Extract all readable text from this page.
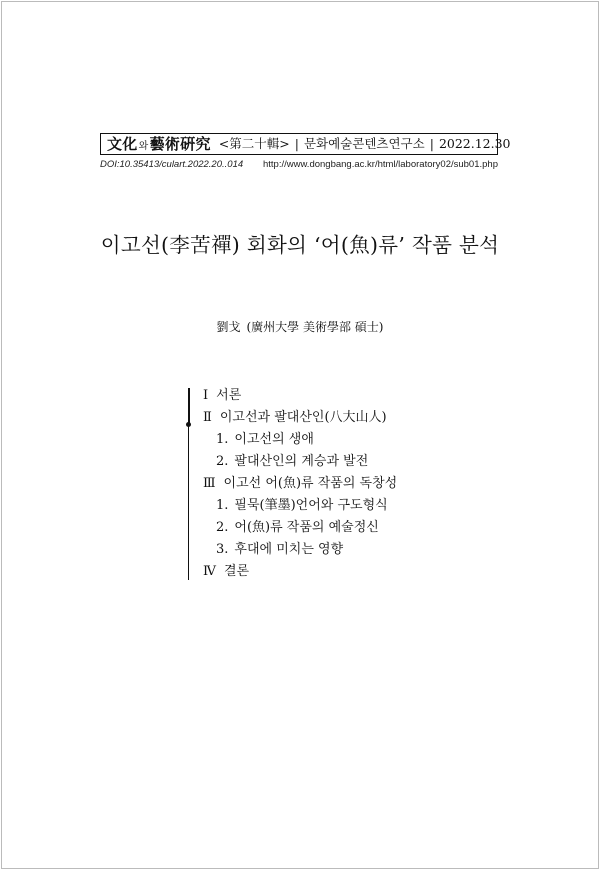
文化와藝術硏究 <第二十輯> | 문화예술콘텐츠연구소 | 2022.12.30
DOI:10.35413/culart.2022.20..014 http://www.dongbang.ac.kr/html/laboratory02/sub01.php
이고선(李苦禪) 회화의 ‘어(魚)류’ 작품 분석
劉戈 (廣州大學 美術學部 碩士)
Ⅰ 서론
Ⅱ 이고선과 팔대산인(八大山人)
1. 이고선의 생애
2. 팔대산인의 계승과 발전
Ⅲ 이고선 어(魚)류 작품의 독창성
1. 필묵(筆墨)언어와 구도형식
2. 어(魚)류 작품의 예술정신
3. 후대에 미치는 영향
Ⅳ 결론
